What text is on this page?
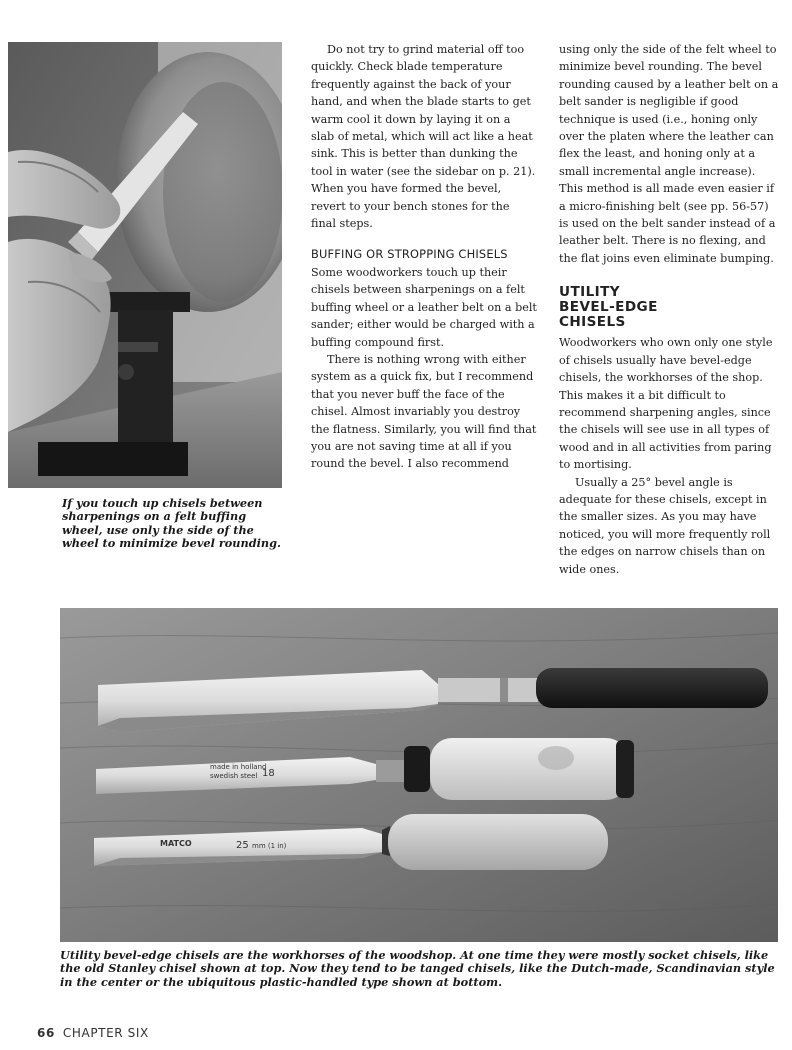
If you touch up chisels between sharpenings on a felt buffing wheel, use only the side of the wheel to minimize bevel rounding.

Do not try to grind material off too quickly. Check blade temperature frequently against the back of your hand, and when the blade starts to get warm cool it down by laying it on a slab of metal, which will act like a heat sink. This is better than dunking the tool in water (see the sidebar on p. 21). When you have formed the bevel, revert to your bench stones for the final steps.

BUFFING OR STROPPING CHISELS

Some woodworkers touch up their chisels between sharpenings on a felt buffing wheel or a leather belt on a belt sander; either would be charged with a buffing compound first.

There is nothing wrong with either system as a quick fix, but I recommend that you never buff the face of the chisel. Almost invariably you destroy the flatness. Similarly, you will find that you are not saving time at all if you round the bevel. I also recommend

using only the side of the felt wheel to minimize bevel rounding. The bevel rounding caused by a leather belt on a belt sander is negligible if good technique is used (i.e., honing only over the platen where the leather can flex the least, and honing only at a small incremental angle increase). This method is all made even easier if a micro-finishing belt (see pp. 56-57) is used on the belt sander instead of a leather belt. There is no flexing, and the flat joins even eliminate bumping.

UTILITY
BEVEL-EDGE
CHISELS

Woodworkers who own only one style of chisels usually have bevel-edge chisels, the workhorses of the shop. This makes it a bit difficult to recommend sharpening angles, since the chisels will see use in all types of wood and in all activities from paring to mortising.

Usually a 25° bevel angle is adequate for these chisels, except in the smaller sizes. As you may have noticed, you will more frequently roll the edges on narrow chisels than on wide ones.

made in holland
swedish steel 18
MATCO	25 mm (1 in)
Utility bevel-edge chisels are the workhorses of the woodshop. At one time they were mostly socket chisels, like the old Stanley chisel shown at top. Now they tend to be tanged chisels, like the Dutch-made, Scandinavian style in the center or the ubiquitous plastic-handled type shown at bottom.
66 CHAPTER SIX
